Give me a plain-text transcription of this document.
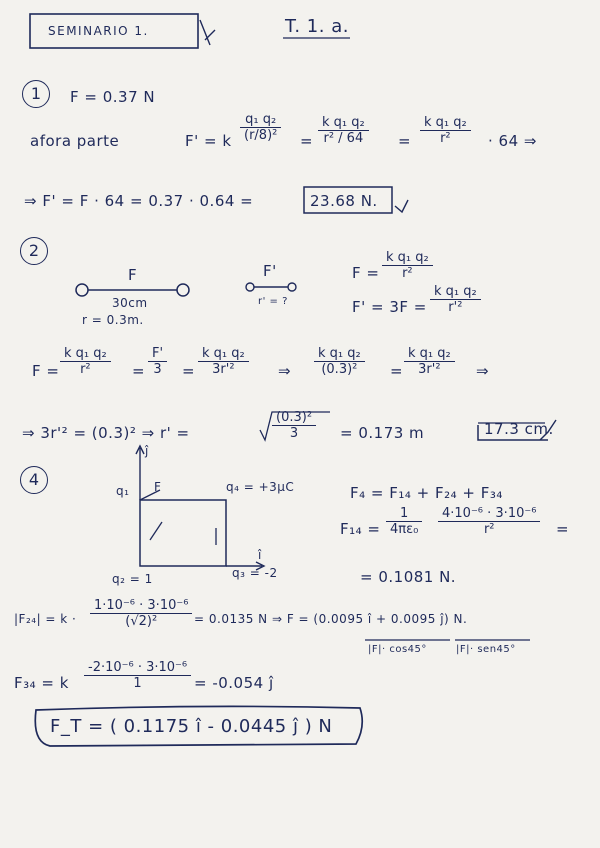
SEMINARIO 1.	T. 1. a.
1	F = 0.37 N
afora parte	F' = k $\frac{\text{q₁ q₂}}{\text{(r/8)²}} = \frac{\text{k q₁ q₂}}{\text{r² / 64}} = \frac{\text{k q₁ q₂}}{\text{r²}} \cdot 64$ ⇒
⇒ F' = F · 64 = 0.37 · 0.64 =	23.68 N.
2
F
30cm
r = 0.3m.
F'
r' = ?
$F = \frac{\text{k q₁ q₂}}{\text{r²}}$
$F' = 3F = \frac{\text{k q₁ q₂}}{\text{r'²}}$
$F = \frac{\text{k q₁ q₂}}{\text{r²}} = \frac{F'}{3} = \frac{\text{k q₁ q₂}}{\text{3r'²}}$ ⇒ $\frac{\text{k q₁ q₂}}{\text{(0.3)²}} = \frac{\text{k q₁ q₂}}{\text{3r'²}}$ ⇒
⇒ 3r'² = (0.3)² ⇒ r' =	$\frac{\text{(0.3)²}}{3} = 0.173$ m	17.3 cm.
4
ĵ
q₁ F	q₄ = +3μC
q₂ = 1	q₃ = -2
î
F₄ = F₁₄ + F₂₄ + F₃₄
$F_{14} = \frac{1}{\text{4πε₀}} \frac{\text{4·10⁻⁶ · 3·10⁻⁶}}{\text{r²}}$ =
= 0.1081 N.
$|F_{24}| = k \cdot \frac{\text{1·10⁻⁶ · 3·10⁻⁶}}{\text{(√2)²}} = 0.0135$ N ⇒ F = (0.0095 î + 0.0095 ĵ) N.
|F|· cos45°	|F|· sen45°
F₃₄ = k $\frac{\text{-2·10⁻⁶ · 3·10⁻⁶}}{1} = -0.054$ ĵ
F_T = ( 0.1175 î - 0.0445 ĵ ) N
